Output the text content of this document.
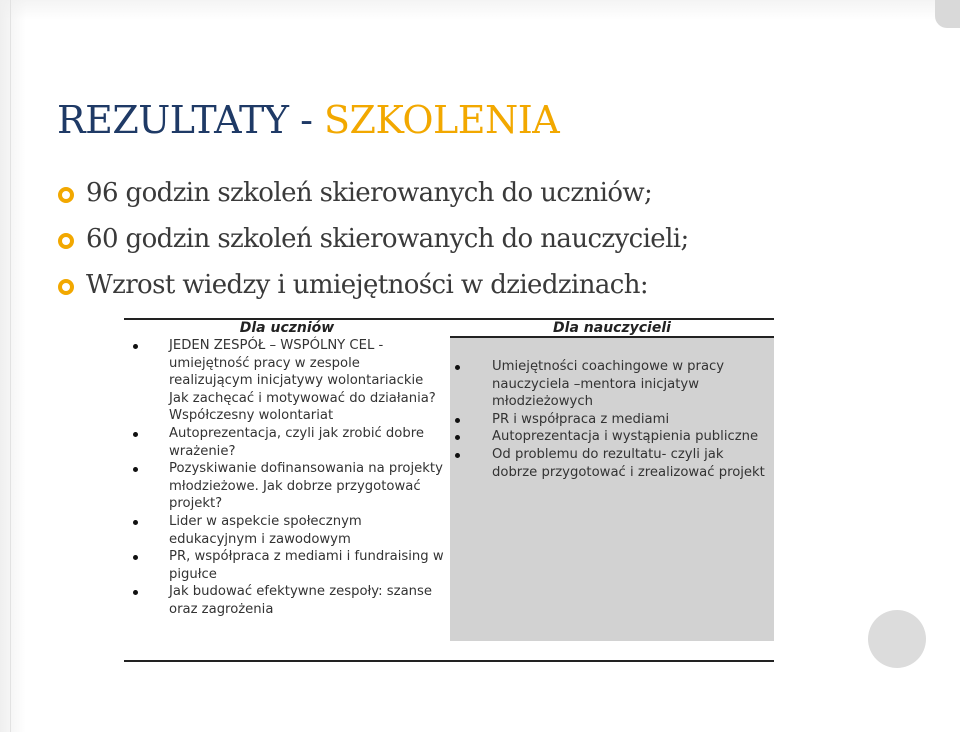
REZULTATY - SZKOLENIA
96 godzin szkoleń skierowanych do uczniów;
60 godzin szkoleń skierowanych do nauczycieli;
Wzrost wiedzy i umiejętności w dziedzinach:
Dla uczniów	Dla nauczycieli
JEDEN ZESPÓŁ – WSPÓLNY CEL - umiejętność pracy w zespole realizującym inicjatywy wolontariackie
Jak zachęcać i motywować do działania? Współczesny wolontariat
Autoprezentacja, czyli jak zrobić dobre wrażenie?
Pozyskiwanie dofinansowania na projekty młodzieżowe. Jak dobrze przygotować projekt?
Lider w aspekcie społecznym edukacyjnym i zawodowym
PR, współpraca z mediami i fundraising w pigułce
Jak budować efektywne zespoły: szanse oraz zagrożenia
Umiejętności coachingowe w pracy nauczyciela –mentora inicjatyw młodzieżowych
PR i współpraca z mediami
Autoprezentacja i wystąpienia publiczne
Od problemu do rezultatu- czyli jak dobrze przygotować i zrealizować projekt
